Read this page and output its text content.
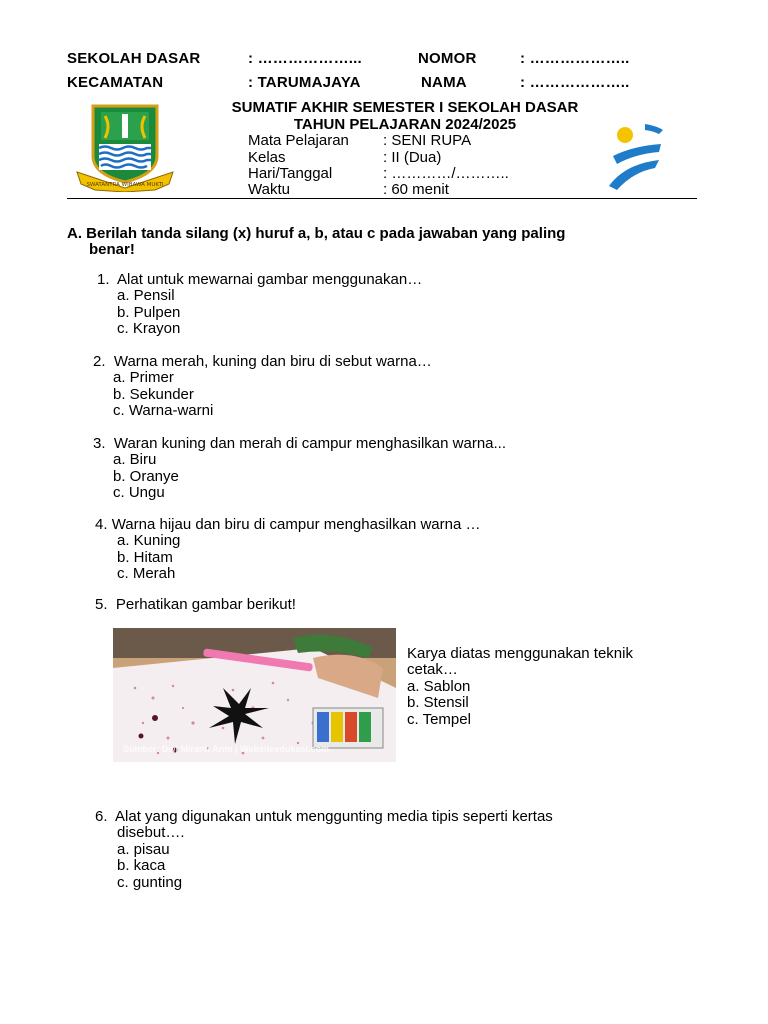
SEKOLAH DASAR	: ………………...	NOMOR	: ………………..
KECAMATAN	: TARUMAJAYA	NAMA	: ………………..
SWATANTRA WIBAWA MUKTI
SUMATIF AKHIR SEMESTER I SEKOLAH DASAR
TAHUN PELAJARAN 2024/2025
Mata Pelajaran : SENI RUPA
Kelas	: II (Dua)
Hari/Tanggal	: …………/………..
Waktu	: 60 menit
A. Berilah tanda silang (x) huruf a, b, atau c pada jawaban yang paling
benar!
1. Alat untuk mewarnai gambar menggunakan…
a. Pensil
b. Pulpen
c. Krayon
2. Warna merah, kuning dan biru di sebut warna…
a. Primer
b. Sekunder
c. Warna-warni
3. Waran kuning dan merah di campur menghasilkan warna...
a. Biru
b. Oranye
c. Ungu
4. Warna hijau dan biru di campur menghasilkan warna …
a. Kuning
b. Hitam
c. Merah
5. Perhatikan gambar berikut!
Sumber: Dwi Miranti Armi | Websiteedukasi.com
Karya diatas menggunakan teknik
cetak…
a. Sablon
b. Stensil
c. Tempel
6. Alat yang digunakan untuk menggunting media tipis seperti kertas
disebut….
a. pisau
b. kaca
c. gunting
